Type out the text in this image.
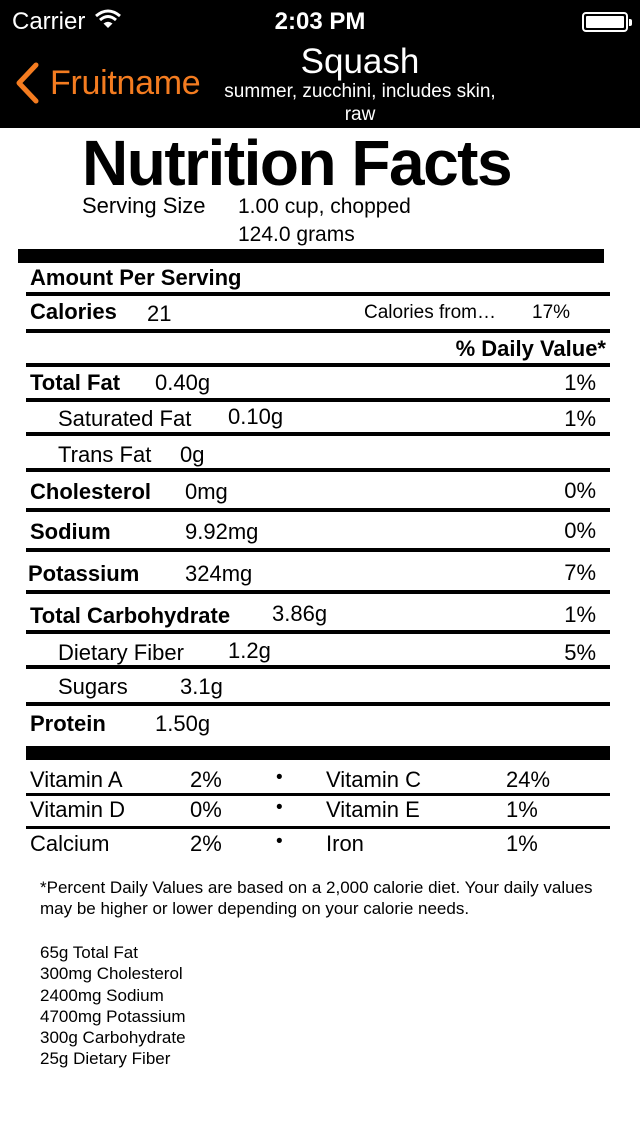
Carrier	2:03 PM
Fruitname
Squash
summer, zucchini, includes skin,
raw
Nutrition Facts
Serving Size 1.00 cup, chopped
124.0 grams
Amount Per Serving
Calories 21	Calories from… 17%
% Daily Value*
Total Fat 0.40g	1%
Saturated Fat 0.10g	1%
Trans Fat 0g
Cholesterol 0mg	0%
Sodium	9.92mg	0%
Potassium 324mg	7%
Total Carbohydrate 3.86g	1%
Dietary Fiber 1.2g	5%
Sugars 3.1g
Protein 1.50g
Vitamin A	2%	• Vitamin C	24%
Vitamin D	0%	• Vitamin E	1%
Calcium	2%	• Iron	1%
*Percent Daily Values are based on a 2,000 calorie diet. Your daily values may be higher or lower depending on your calorie needs.
65g Total Fat
300mg Cholesterol
2400mg Sodium
4700mg Potassium
300g Carbohydrate
25g Dietary Fiber
